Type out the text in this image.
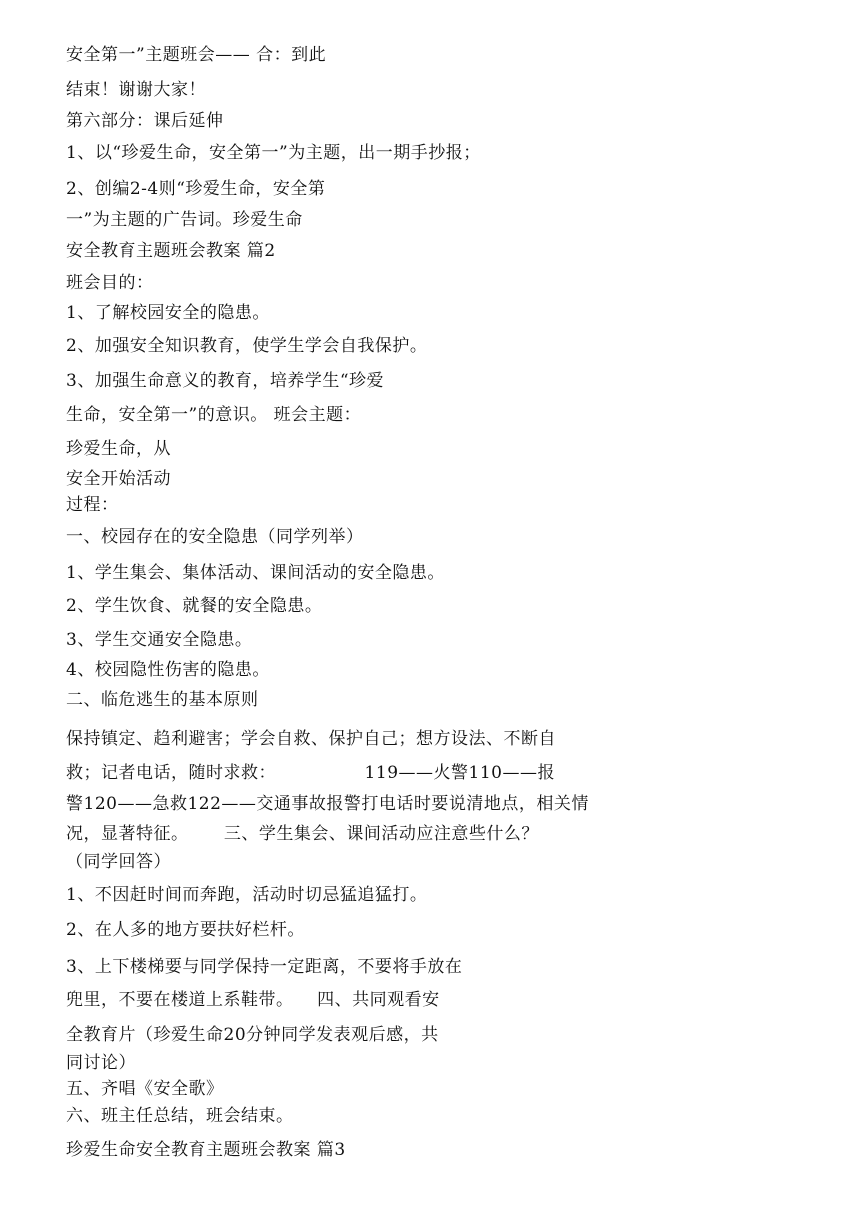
安全第一”主题班会—— 合：到此
结束！谢谢大家！
第六部分：课后延伸
1、以“珍爱生命，安全第一”为主题，出一期手抄报；
2、创编2-4则“珍爱生命，安全第
一”为主题的广告词。珍爱生命
安全教育主题班会教案 篇2
班会目的：
1、了解校园安全的隐患。
2、加强安全知识教育，使学生学会自我保护。
3、加强生命意义的教育，培养学生“珍爱
生命，安全第一”的意识。 班会主题：
珍爱生命，从
安全开始活动
过程：
一、校园存在的安全隐患（同学列举）
1、学生集会、集体活动、课间活动的安全隐患。
2、学生饮食、就餐的安全隐患。
3、学生交通安全隐患。
4、校园隐性伤害的隐患。
二、临危逃生的基本原则
保持镇定、趋利避害；学会自救、保护自己；想方设法、不断自
救；记者电话，随时求救：               119——火警110——报
警120——急救122——交通事故报警打电话时要说清地点，相关情
况，显著特征。      三、学生集会、课间活动应注意些什么？
（同学回答）
1、不因赶时间而奔跑，活动时切忌猛追猛打。
2、在人多的地方要扶好栏杆。
3、上下楼梯要与同学保持一定距离，不要将手放在
兜里，不要在楼道上系鞋带。    四、共同观看安
全教育片（珍爱生命20分钟同学发表观后感，共
同讨论）
五、齐唱《安全歌》
六、班主任总结，班会结束。
珍爱生命安全教育主题班会教案 篇3
